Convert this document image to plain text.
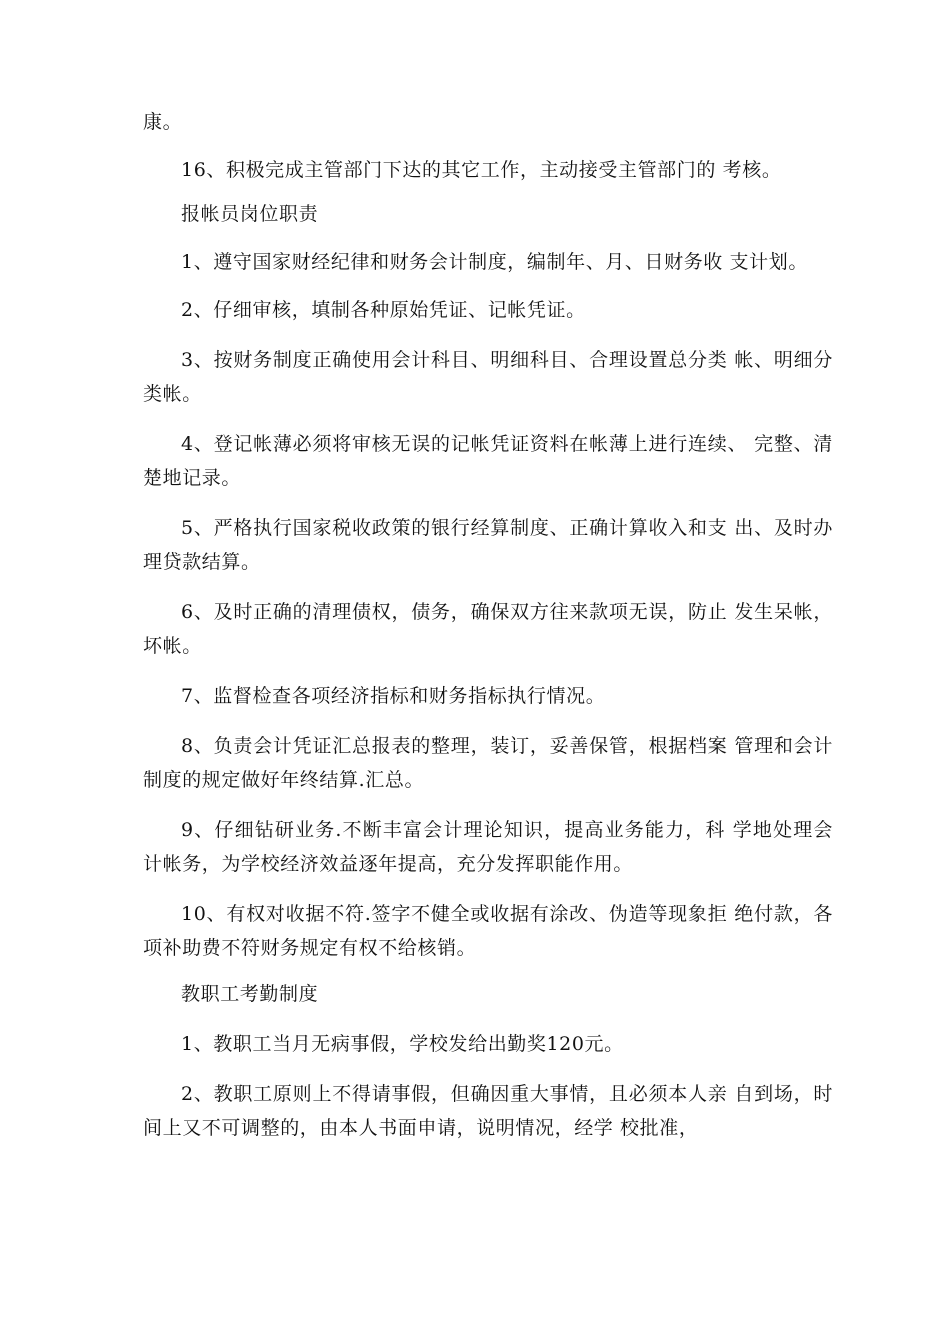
康。

16、积极完成主管部门下达的其它工作，主动接受主管部门的 考核。

报帐员岗位职责

1、遵守国家财经纪律和财务会计制度，编制年、月、日财务收 支计划。

2、仔细审核，填制各种原始凭证、记帐凭证。

3、按财务制度正确使用会计科目、明细科目、合理设置总分类 帐、明细分类帐。

4、登记帐薄必须将审核无误的记帐凭证资料在帐薄上进行连续、 完整、清楚地记录。

5、严格执行国家税收政策的银行经算制度、正确计算收入和支 出、及时办理贷款结算。

6、及时正确的清理债权，债务，确保双方往来款项无误，防止 发生呆帐，坏帐。

7、监督检查各项经济指标和财务指标执行情况。

8、负责会计凭证汇总报表的整理，装订，妥善保管，根据档案 管理和会计制度的规定做好年终结算.汇总。

9、仔细钻研业务.不断丰富会计理论知识，提高业务能力，科 学地处理会计帐务，为学校经济效益逐年提高，充分发挥职能作用。

10、有权对收据不符.签字不健全或收据有涂改、伪造等现象拒 绝付款，各项补助费不符财务规定有权不给核销。

教职工考勤制度

1、教职工当月无病事假，学校发给出勤奖120元。

2、教职工原则上不得请事假，但确因重大事情，且必须本人亲 自到场，时间上又不可调整的，由本人书面申请，说明情况，经学 校批准，
